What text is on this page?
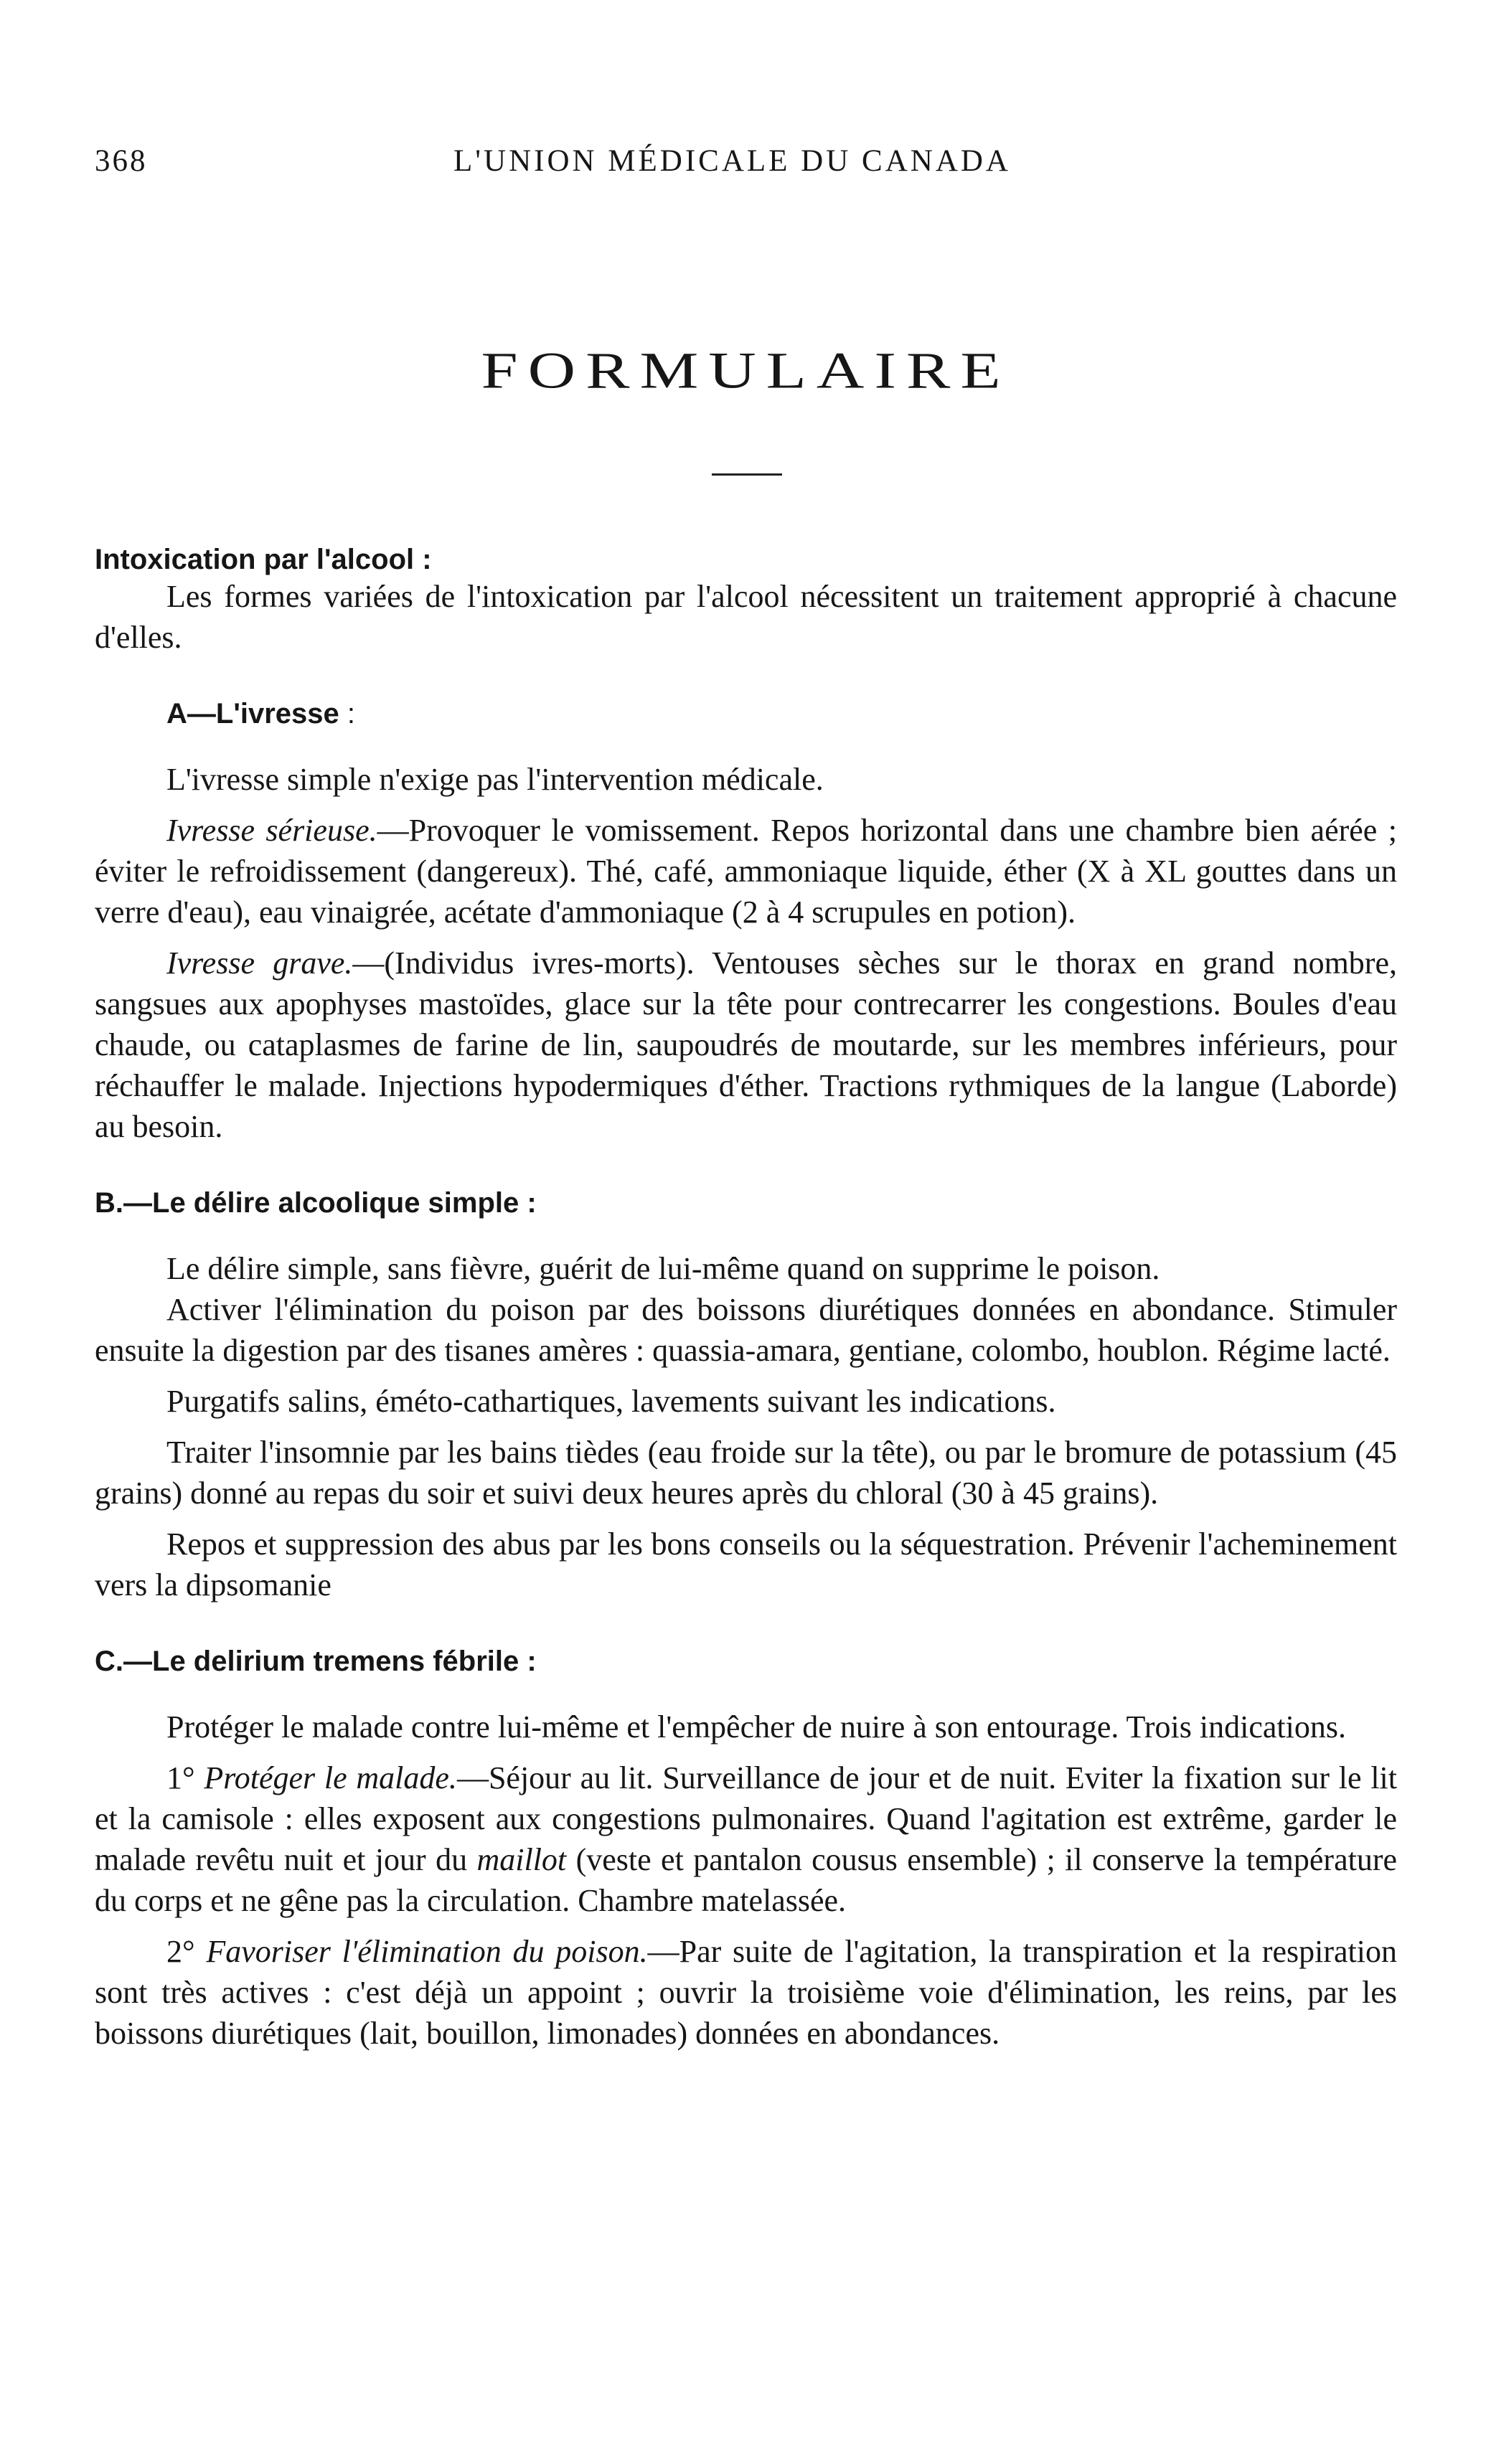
368	L'UNION MÉDICALE DU CANADA
FORMULAIRE
Intoxication par l'alcool :

Les formes variées de l'intoxication par l'alcool nécessitent un traitement approprié à chacune d'elles.

A—L'ivresse :

L'ivresse simple n'exige pas l'intervention médicale.

Ivresse sérieuse.—Provoquer le vomissement. Repos horizontal dans une chambre bien aérée ; éviter le refroidissement (dangereux). Thé, café, ammoniaque liquide, éther (X à XL gouttes dans un verre d'eau), eau vinaigrée, acétate d'ammoniaque (2 à 4 scrupules en potion).

Ivresse grave.—(Individus ivres-morts). Ventouses sèches sur le thorax en grand nombre, sangsues aux apophyses mastoïdes, glace sur la tête pour contrecarrer les congestions. Boules d'eau chaude, ou cataplasmes de farine de lin, saupoudrés de moutarde, sur les membres inférieurs, pour réchauffer le malade. Injections hypodermiques d'éther. Tractions rythmiques de la langue (Laborde) au besoin.

B.—Le délire alcoolique simple :

Le délire simple, sans fièvre, guérit de lui-même quand on supprime le poison.

Activer l'élimination du poison par des boissons diurétiques données en abondance. Stimuler ensuite la digestion par des tisanes amères : quassia-amara, gentiane, colombo, houblon. Régime lacté.

Purgatifs salins, éméto-cathartiques, lavements suivant les indications.

Traiter l'insomnie par les bains tièdes (eau froide sur la tête), ou par le bromure de potassium (45 grains) donné au repas du soir et suivi deux heures après du chloral (30 à 45 grains).

Repos et suppression des abus par les bons conseils ou la séquestration. Prévenir l'acheminement vers la dipsomanie

C.—Le delirium tremens fébrile :

Protéger le malade contre lui-même et l'empêcher de nuire à son entourage. Trois indications.

1° Protéger le malade.—Séjour au lit. Surveillance de jour et de nuit. Eviter la fixation sur le lit et la camisole : elles exposent aux congestions pulmonaires. Quand l'agitation est extrême, garder le malade revêtu nuit et jour du maillot (veste et pantalon cousus ensemble) ; il conserve la température du corps et ne gêne pas la circulation. Chambre matelassée.

2° Favoriser l'élimination du poison.—Par suite de l'agitation, la transpiration et la respiration sont très actives : c'est déjà un appoint ; ouvrir la troisième voie d'élimination, les reins, par les boissons diurétiques (lait, bouillon, limonades) données en abondances.
